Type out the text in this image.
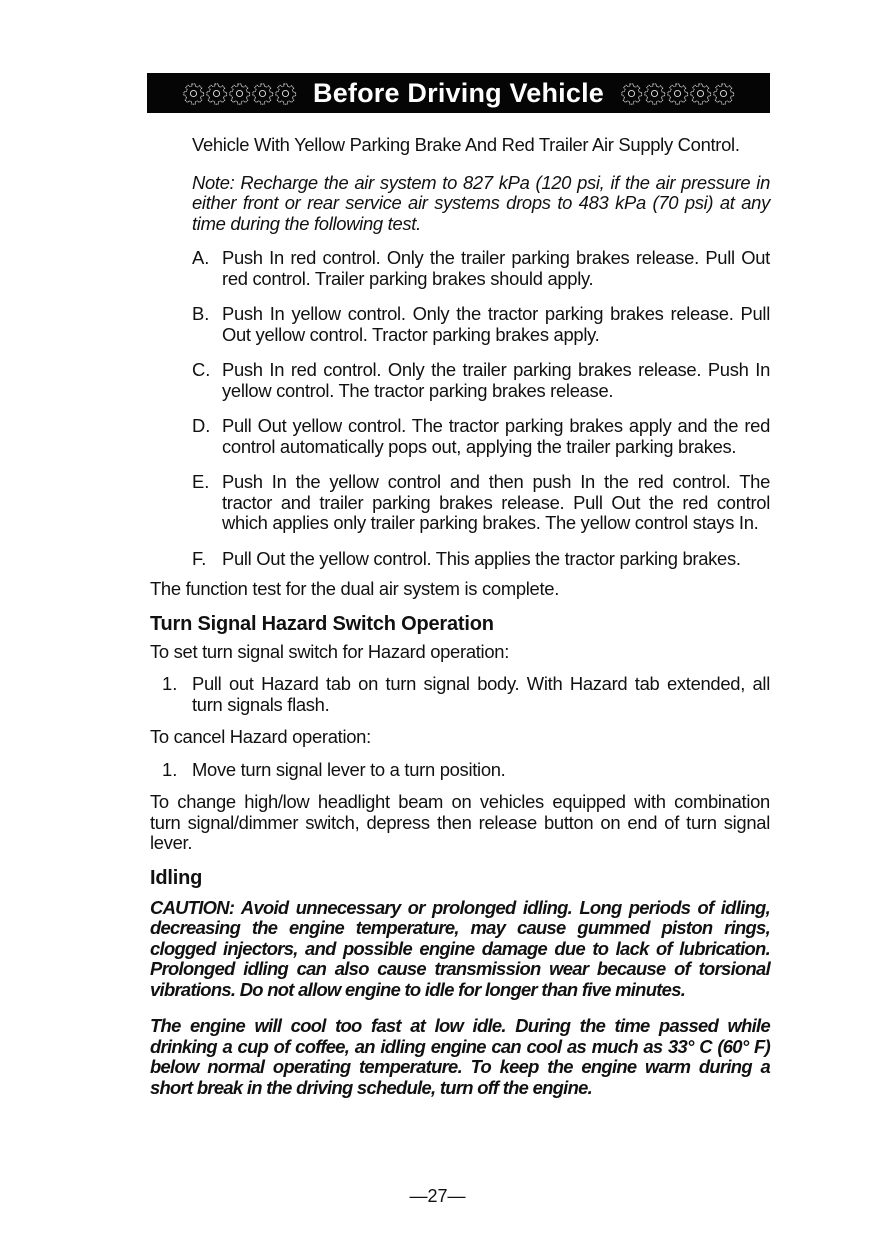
Before Driving Vehicle

Vehicle With Yellow Parking Brake And Red Trailer Air Supply Control.

Note: Recharge the air system to 827 kPa (120 psi, if the air pressure in either front or rear service air systems drops to 483 kPa (70 psi) at any time during the following test.

A. Push In red control. Only the trailer parking brakes release. Pull Out red control. Trailer parking brakes should apply.
B. Push In yellow control. Only the tractor parking brakes release. Pull Out yellow control. Tractor parking brakes apply.
C. Push In red control. Only the trailer parking brakes release. Push In yellow control. The tractor parking brakes release.
D. Pull Out yellow control. The tractor parking brakes apply and the red control automatically pops out, applying the trailer parking brakes.
E. Push In the yellow control and then push In the red control. The tractor and trailer parking brakes release. Pull Out the red control which applies only trailer parking brakes. The yellow control stays In.
F. Pull Out the yellow control. This applies the tractor parking brakes.

The function test for the dual air system is complete.

Turn Signal Hazard Switch Operation

To set turn signal switch for Hazard operation:

1. Pull out Hazard tab on turn signal body. With Hazard tab extended, all turn signals flash.

To cancel Hazard operation:

1. Move turn signal lever to a turn position.

To change high/low headlight beam on vehicles equipped with combination turn signal/dimmer switch, depress then release button on end of turn signal lever.

Idling

CAUTION: Avoid unnecessary or prolonged idling. Long periods of idling, decreasing the engine temperature, may cause gummed piston rings, clogged injectors, and possible engine damage due to lack of lubrication. Prolonged idling can also cause transmission wear because of torsional vibrations. Do not allow engine to idle for longer than five minutes.

The engine will cool too fast at low idle. During the time passed while drinking a cup of coffee, an idling engine can cool as much as 33° C (60° F) below normal operating temperature. To keep the engine warm during a short break in the driving schedule, turn off the engine.

—27—
